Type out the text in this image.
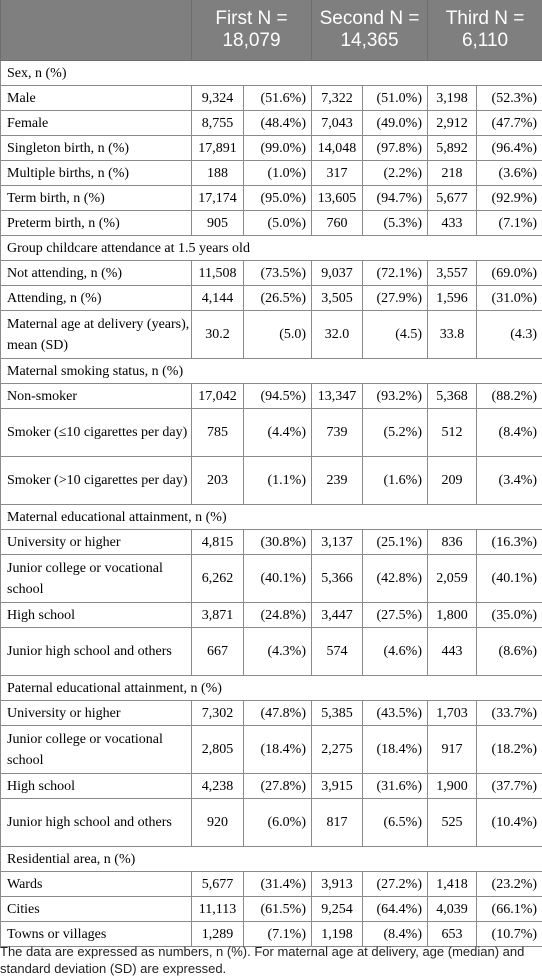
	First N = 18,079		Second N = 14,365		Third N = 6,110	
Sex, n (%)						
Male	9,324	(51.6%)	7,322	(51.0%)	3,198	(52.3%)
Female	8,755	(48.4%)	7,043	(49.0%)	2,912	(47.7%)
Singleton birth, n (%)	17,891	(99.0%)	14,048	(97.8%)	5,892	(96.4%)
Multiple births, n (%)	188	(1.0%)	317	(2.2%)	218	(3.6%)
Term birth, n (%)	17,174	(95.0%)	13,605	(94.7%)	5,677	(92.9%)
Preterm birth, n (%)	905	(5.0%)	760	(5.3%)	433	(7.1%)
Group childcare attendance at 1.5 years old						
Not attending, n (%)	11,508	(73.5%)	9,037	(72.1%)	3,557	(69.0%)
Attending, n (%)	4,144	(26.5%)	3,505	(27.9%)	1,596	(31.0%)
Maternal age at delivery (years), mean (SD)	30.2	(5.0)	32.0	(4.5)	33.8	(4.3)
Maternal smoking status, n (%)						
Non-smoker	17,042	(94.5%)	13,347	(93.2%)	5,368	(88.2%)
Smoker (≤10 cigarettes per day)	785	(4.4%)	739	(5.2%)	512	(8.4%)
Smoker (>10 cigarettes per day)	203	(1.1%)	239	(1.6%)	209	(3.4%)
Maternal educational attainment, n (%)						
University or higher	4,815	(30.8%)	3,137	(25.1%)	836	(16.3%)
Junior college or vocational school	6,262	(40.1%)	5,366	(42.8%)	2,059	(40.1%)
High school	3,871	(24.8%)	3,447	(27.5%)	1,800	(35.0%)
Junior high school and others	667	(4.3%)	574	(4.6%)	443	(8.6%)
Paternal educational attainment, n (%)						
University or higher	7,302	(47.8%)	5,385	(43.5%)	1,703	(33.7%)
Junior college or vocational school	2,805	(18.4%)	2,275	(18.4%)	917	(18.2%)
High school	4,238	(27.8%)	3,915	(31.6%)	1,900	(37.7%)
Junior high school and others	920	(6.0%)	817	(6.5%)	525	(10.4%)
Residential area, n (%)						
Wards	5,677	(31.4%)	3,913	(27.2%)	1,418	(23.2%)
Cities	11,113	(61.5%)	9,254	(64.4%)	4,039	(66.1%)
Towns or villages	1,289	(7.1%)	1,198	(8.4%)	653	(10.7%)
The data are expressed as numbers, n (%). For maternal age at delivery, age (median) and standard deviation (SD) are expressed.
